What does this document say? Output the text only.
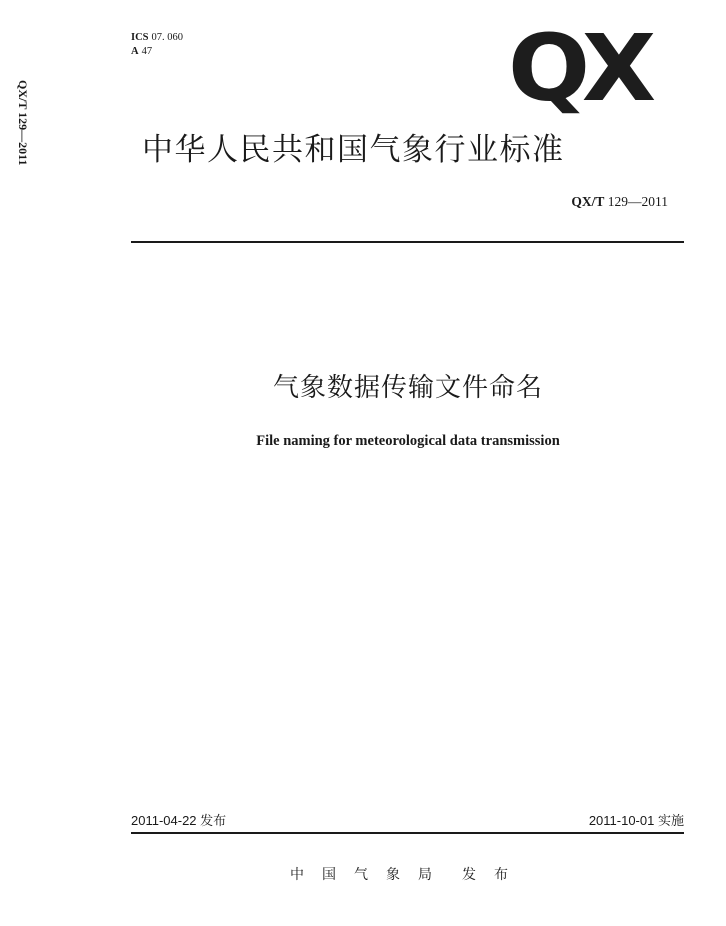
QX/T 129—2011
ICS 07. 060
A 47	QX
中华人民共和国气象行业标准
QX/T 129—2011
气象数据传输文件命名
File naming for meteorological data transmission
2011-04-22 发布	2011-10-01 实施
中国气象局 发布
